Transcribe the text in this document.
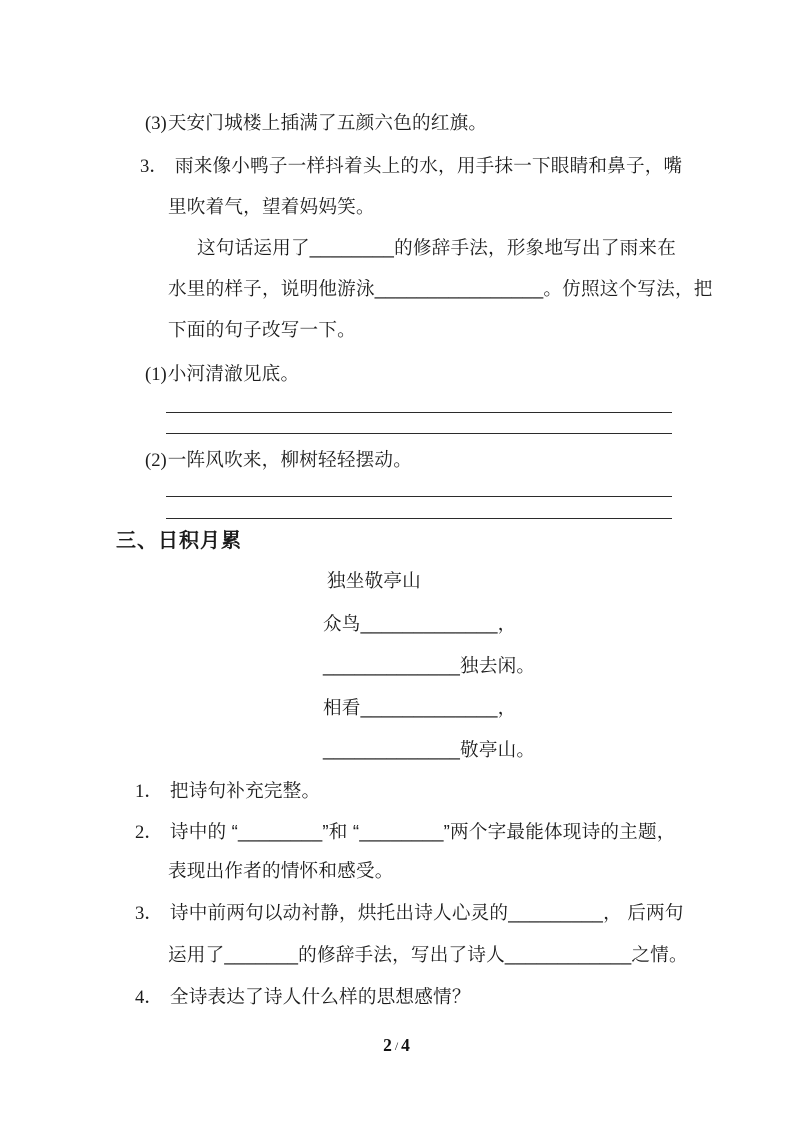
(3)天安门城楼上插满了五颜六色的红旗。
3． 雨来像小鸭子一样抖着头上的水，用手抹一下眼睛和鼻子，嘴
里吹着气，望着妈妈笑。
这句话运用了________的修辞手法，形象地写出了雨来在
水里的样子，说明他游泳________________。仿照这个写法，把
下面的句子改写一下。
(1)小河清澈见底。
(2)一阵风吹来，柳树轻轻摆动。
三、日积月累
独坐敬亭山
众鸟_____________，
_____________独去闲。
相看_____________，
_____________敬亭山。
1． 把诗句补充完整。
2． 诗中的 “________”和 “________”两个字最能体现诗的主题，
表现出作者的情怀和感受。
3． 诗中前两句以动衬静，烘托出诗人心灵的_________， 后两句
运用了_______的修辞手法，写出了诗人____________之情。
4． 全诗表达了诗人什么样的思想感情？
2 / 4
